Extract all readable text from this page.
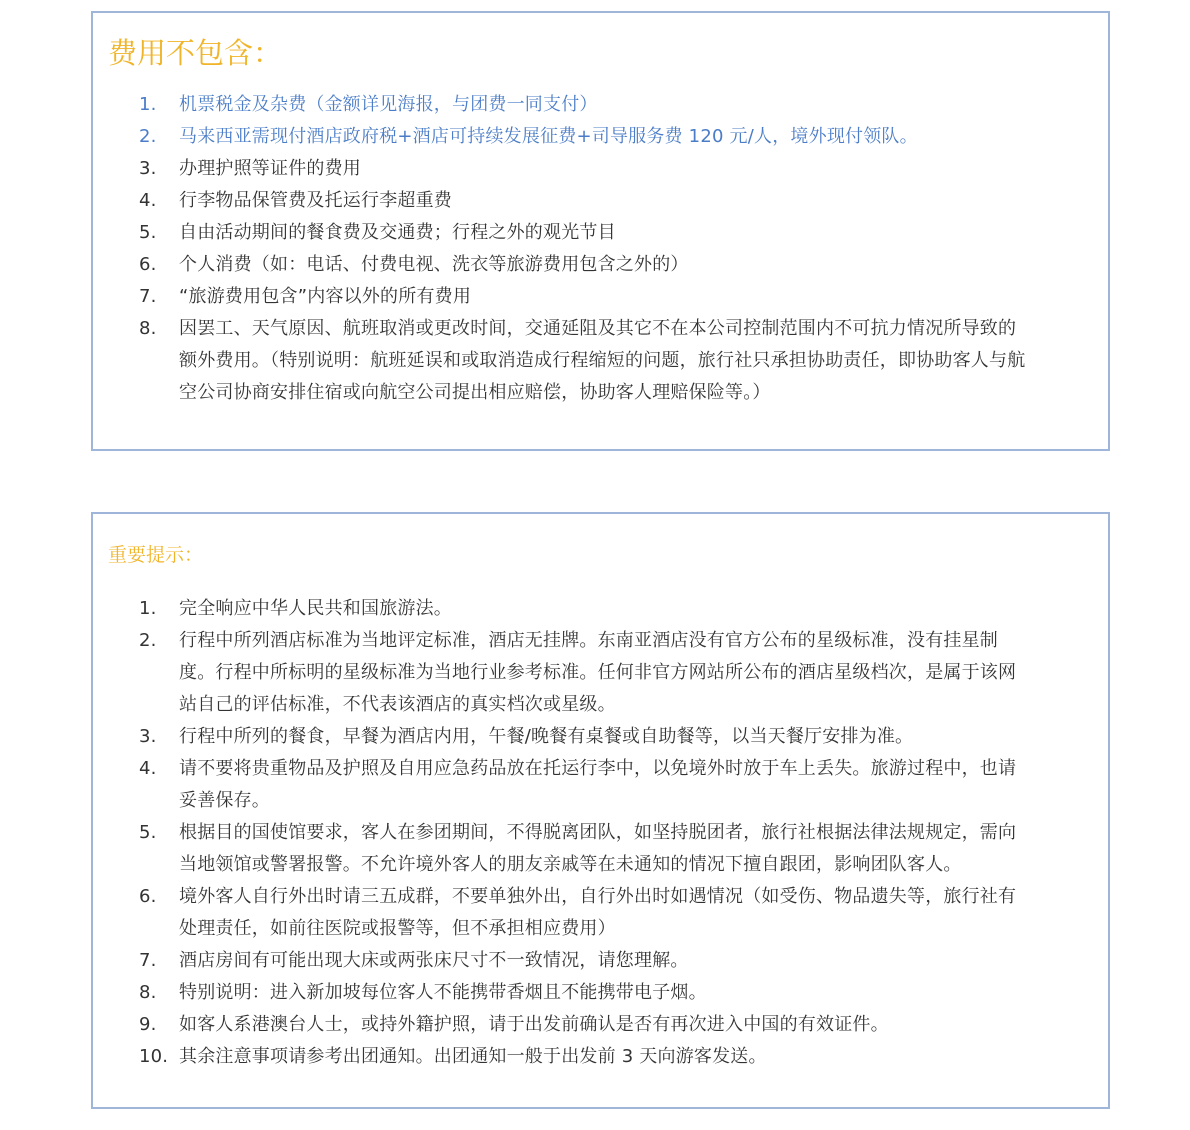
费用不包含：
1.	机票税金及杂费（金额详见海报，与团费一同支付）
2.	马来西亚需现付酒店政府税+酒店可持续发展征费+司导服务费 120 元/人，境外现付领队。
3.	办理护照等证件的费用
4.	行李物品保管费及托运行李超重费
5.	自由活动期间的餐食费及交通费；行程之外的观光节目
6.	个人消费（如：电话、付费电视、洗衣等旅游费用包含之外的）
7.	“旅游费用包含”内容以外的所有费用
8.	因罢工、天气原因、航班取消或更改时间，交通延阻及其它不在本公司控制范围内不可抗力情况所导致的额外费用。（特别说明：航班延误和或取消造成行程缩短的问题，旅行社只承担协助责任，即协助客人与航空公司协商安排住宿或向航空公司提出相应赔偿，协助客人理赔保险等。）
重要提示：
1.	完全响应中华人民共和国旅游法。
2.	行程中所列酒店标准为当地评定标准，酒店无挂牌。东南亚酒店没有官方公布的星级标准，没有挂星制度。行程中所标明的星级标准为当地行业参考标准。任何非官方网站所公布的酒店星级档次，是属于该网站自己的评估标准，不代表该酒店的真实档次或星级。
3.	行程中所列的餐食，早餐为酒店内用，午餐/晚餐有桌餐或自助餐等，以当天餐厅安排为准。
4.	请不要将贵重物品及护照及自用应急药品放在托运行李中，以免境外时放于车上丢失。旅游过程中，也请妥善保存。
5.	根据目的国使馆要求，客人在参团期间，不得脱离团队，如坚持脱团者，旅行社根据法律法规规定，需向当地领馆或警署报警。不允许境外客人的朋友亲戚等在未通知的情况下擅自跟团，影响团队客人。
6.	境外客人自行外出时请三五成群，不要单独外出，自行外出时如遇情况（如受伤、物品遗失等，旅行社有处理责任，如前往医院或报警等，但不承担相应费用）
7.	酒店房间有可能出现大床或两张床尺寸不一致情况，请您理解。
8.	特别说明：进入新加坡每位客人不能携带香烟且不能携带电子烟。
9.	如客人系港澳台人士，或持外籍护照，请于出发前确认是否有再次进入中国的有效证件。
10. 其余注意事项请参考出团通知。出团通知一般于出发前 3 天向游客发送。
